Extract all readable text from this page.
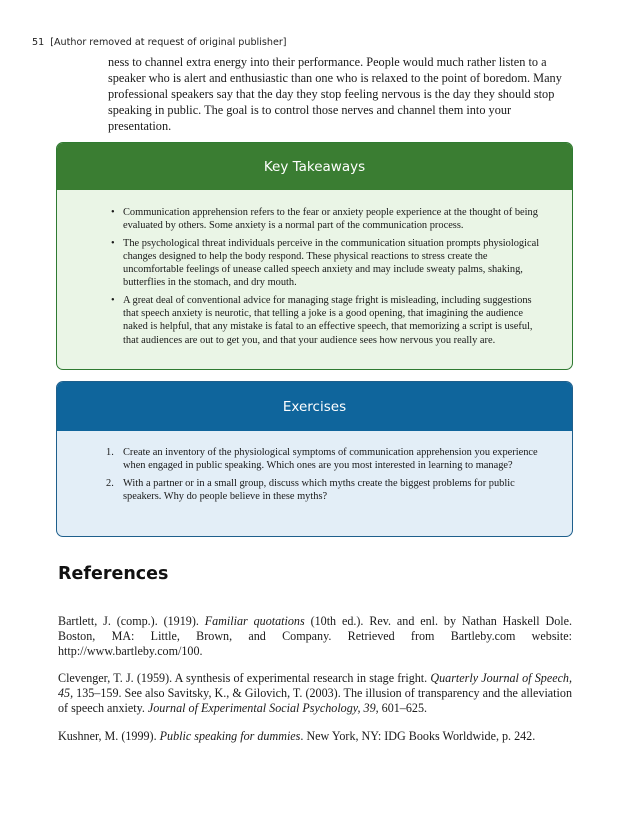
51 [Author removed at request of original publisher]

ness to channel extra energy into their performance. People would much rather listen to a speaker who is alert and enthusiastic than one who is relaxed to the point of boredom. Many professional speakers say that the day they stop feeling nervous is the day they should stop speaking in public. The goal is to control those nerves and channel them into your presentation.

Key Takeaways
• Communication apprehension refers to the fear or anxiety people experience at the thought of being evaluated by others. Some anxiety is a normal part of the communication process.
• The psychological threat individuals perceive in the communication situation prompts physiological changes designed to help the body respond. These physical reactions to stress create the uncomfortable feelings of unease called speech anxiety and may include sweaty palms, shaking, butterflies in the stomach, and dry mouth.
• A great deal of conventional advice for managing stage fright is misleading, including suggestions that speech anxiety is neurotic, that telling a joke is a good opening, that imagining the audience naked is helpful, that any mistake is fatal to an effective speech, that memorizing a script is useful, that audiences are out to get you, and that your audience sees how nervous you really are.
Exercises
1. Create an inventory of the physiological symptoms of communication apprehension you experience when engaged in public speaking. Which ones are you most interested in learning to manage?
2. With a partner or in a small group, discuss which myths create the biggest problems for public speakers. Why do people believe in these myths?
References

Bartlett, J. (comp.). (1919). Familiar quotations (10th ed.). Rev. and enl. by Nathan Haskell Dole. Boston, MA: Little, Brown, and Company. Retrieved from Bartleby.com website: http://www.bartleby.com/100.

Clevenger, T. J. (1959). A synthesis of experimental research in stage fright. Quarterly Journal of Speech, 45, 135–159. See also Savitsky, K., & Gilovich, T. (2003). The illusion of transparency and the alleviation of speech anxiety. Journal of Experimental Social Psychology, 39, 601–625.

Kushner, M. (1999). Public speaking for dummies. New York, NY: IDG Books Worldwide, p. 242.
